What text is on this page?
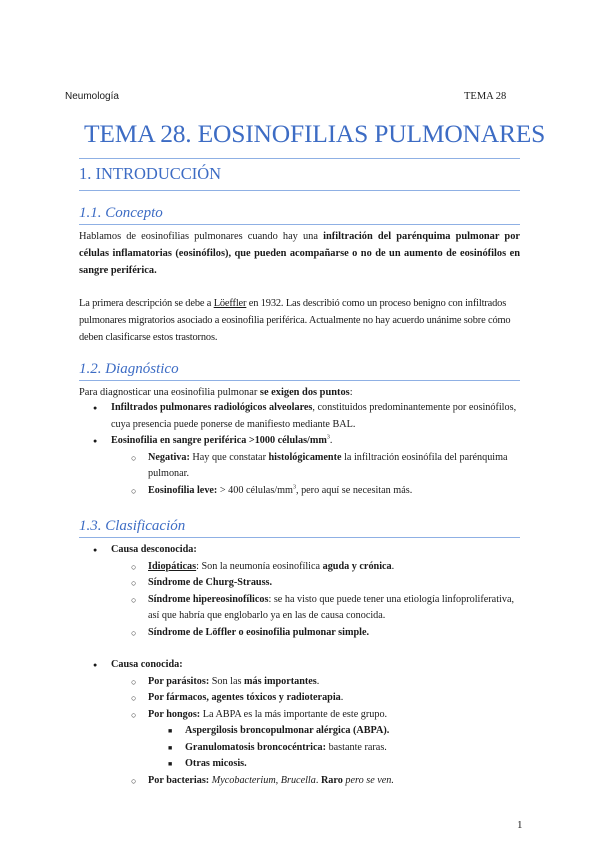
Neumología	TEMA 28
TEMA 28. EOSINOFILIAS PULMONARES
1. INTRODUCCIÓN
1.1. Concepto
Hablamos de eosinofilias pulmonares cuando hay una infiltración del parénquima pulmonar por células inflamatorias (eosinófilos), que pueden acompañarse o no de un aumento de eosinófilos en sangre periférica.
La primera descripción se debe a Löeffler en 1932. Las describió como un proceso benigno con infiltrados pulmonares migratorios asociado a eosinofilia periférica. Actualmente no hay acuerdo unánime sobre cómo deben clasificarse estos trastornos.
1.2. Diagnóstico
Para diagnosticar una eosinofilia pulmonar se exigen dos puntos:
● Infiltrados pulmonares radiológicos alveolares, constituidos predominantemente por eosinófilos, cuya presencia puede ponerse de manifiesto mediante BAL.
● Eosinofilia en sangre periférica >1000 células/$mm^3$.
○ Negativa: Hay que constatar histológicamente la infiltración eosinófila del parénquima pulmonar.
○ Eosinofilia leve: > 400 células/$mm^3$, pero aquí se necesitan más.
1.3. Clasificación
● Causa desconocida:
○ Idiopáticas: Son la neumonía eosinofílica aguda y crónica.
○ Síndrome de Churg-Strauss.
○ Síndrome hipereosinofílicos: se ha visto que puede tener una etiología linfoproliferativa, así que habría que englobarlo ya en las de causa conocida.
○ Síndrome de Löffler o eosinofilia pulmonar simple.
● Causa conocida:
○ Por parásitos: Son las más importantes.
○ Por fármacos, agentes tóxicos y radioterapia.
○ Por hongos: La ABPA es la más importante de este grupo.
■ Aspergilosis broncopulmonar alérgica (ABPA).
■ Granulomatosis broncocéntrica: bastante raras.
■ Otras micosis.
○ Por bacterias: Mycobacterium, Brucella. Raro pero se ven.
1
